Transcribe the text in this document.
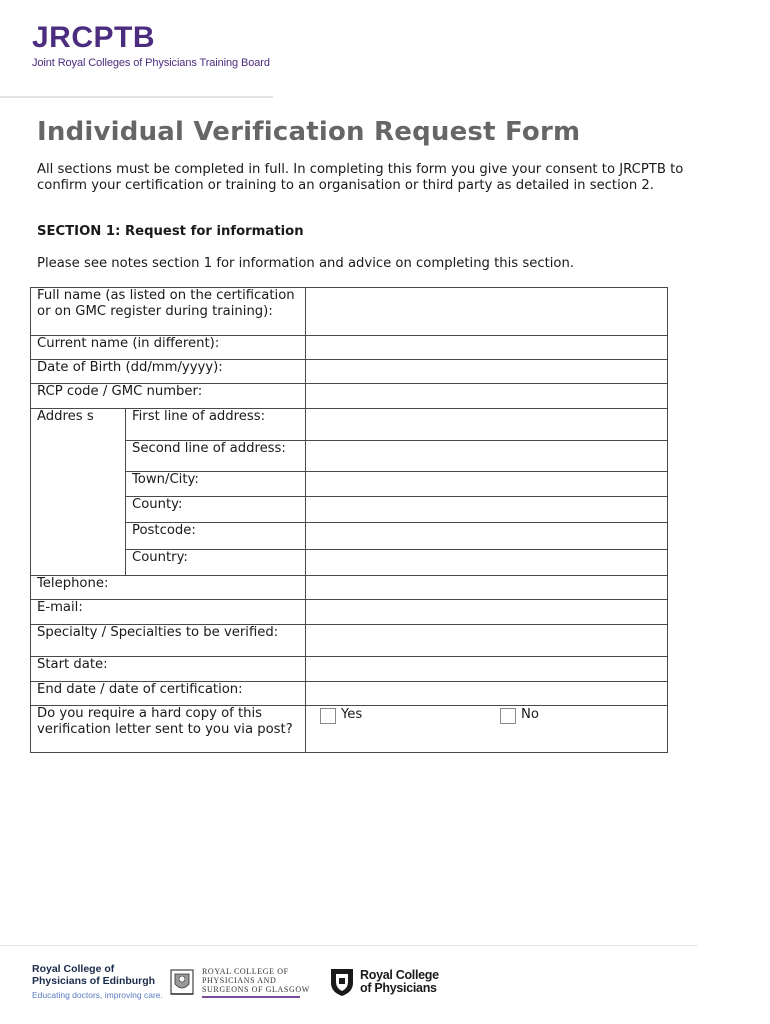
JRCPTB
Joint Royal Colleges of Physicians Training Board
Individual Verification Request Form
All sections must be completed in full. In completing this form you give your consent to JRCPTB to confirm your certification or training to an organisation or third party as detailed in section 2.
SECTION 1: Request for information
Please see notes section 1 for information and advice on completing this section.
Full name (as listed on the certification or on GMC register during training):		
Current name (in different):		
Date of Birth (dd/mm/yyyy):		
RCP code / GMC number:		
Addres s	First line of address:	
	Second line of address:	
	Town/City:	
	County:	
	Postcode:	
	Country:	
Telephone:		
E-mail:		
Specialty / Specialties to be verified:		
Start date:		
End date / date of certification:		
Do you require a hard copy of this verification letter sent to you via post?		Yes No
Royal College of
Physicians of Edinburgh
Educating doctors, improving care.
ROYAL COLLEGE OF
PHYSICIANS AND
SURGEONS OF GLASGOW
Royal College
of Physicians
